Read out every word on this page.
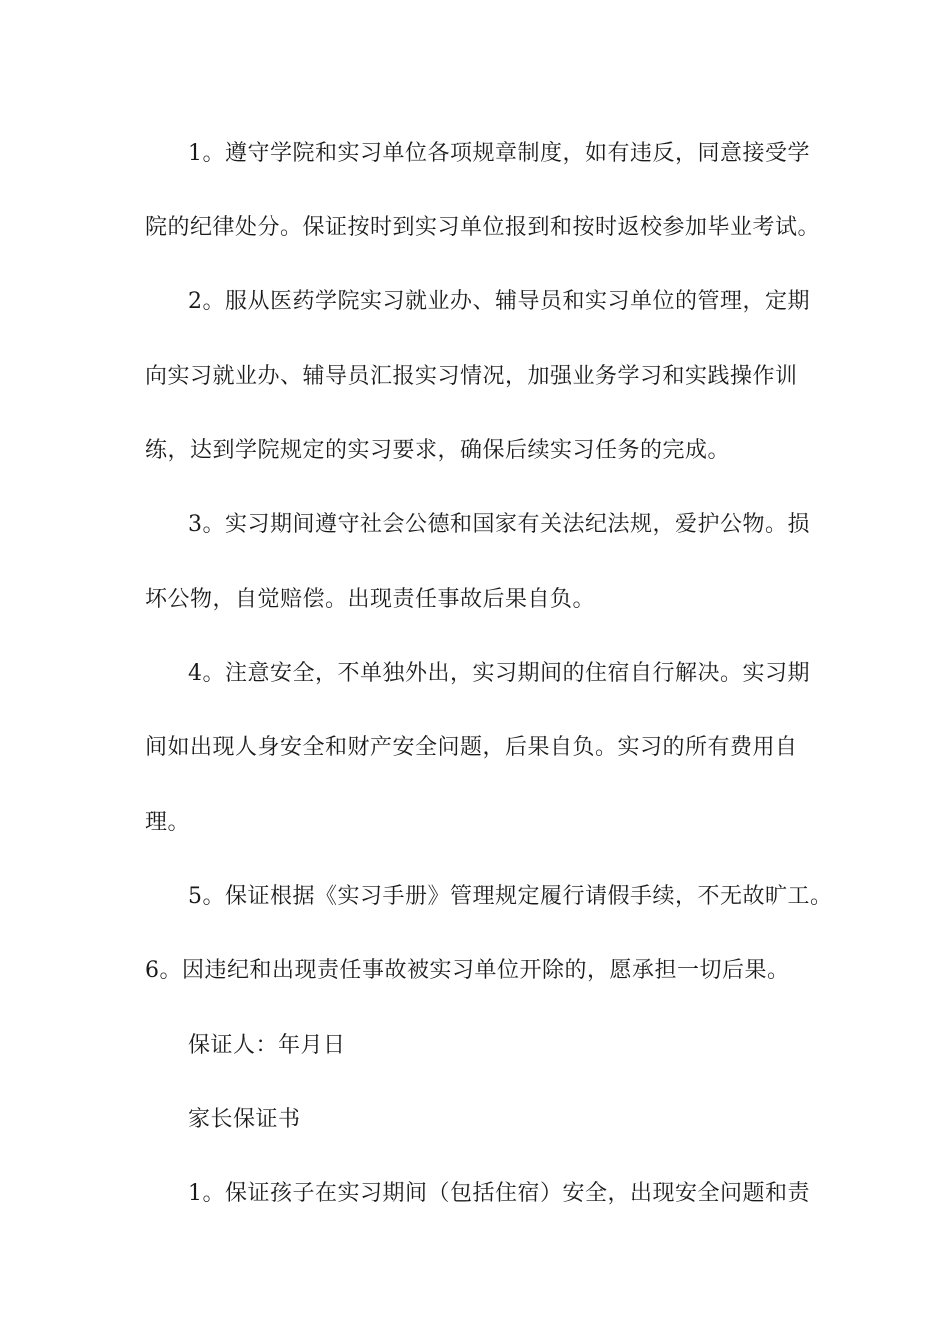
1。遵守学院和实习单位各项规章制度，如有违反，同意接受学
院的纪律处分。保证按时到实习单位报到和按时返校参加毕业考试。
2。服从医药学院实习就业办、辅导员和实习单位的管理，定期
向实习就业办、辅导员汇报实习情况，加强业务学习和实践操作训
练，达到学院规定的实习要求，确保后续实习任务的完成。
3。实习期间遵守社会公德和国家有关法纪法规，爱护公物。损
坏公物，自觉赔偿。出现责任事故后果自负。
4。注意安全，不单独外出，实习期间的住宿自行解决。实习期
间如出现人身安全和财产安全问题，后果自负。实习的所有费用自
理。
5。保证根据《实习手册》管理规定履行请假手续，不无故旷工。
6。因违纪和出现责任事故被实习单位开除的，愿承担一切后果。
保证人：年月日
家长保证书
1。保证孩子在实习期间（包括住宿）安全，出现安全问题和责
